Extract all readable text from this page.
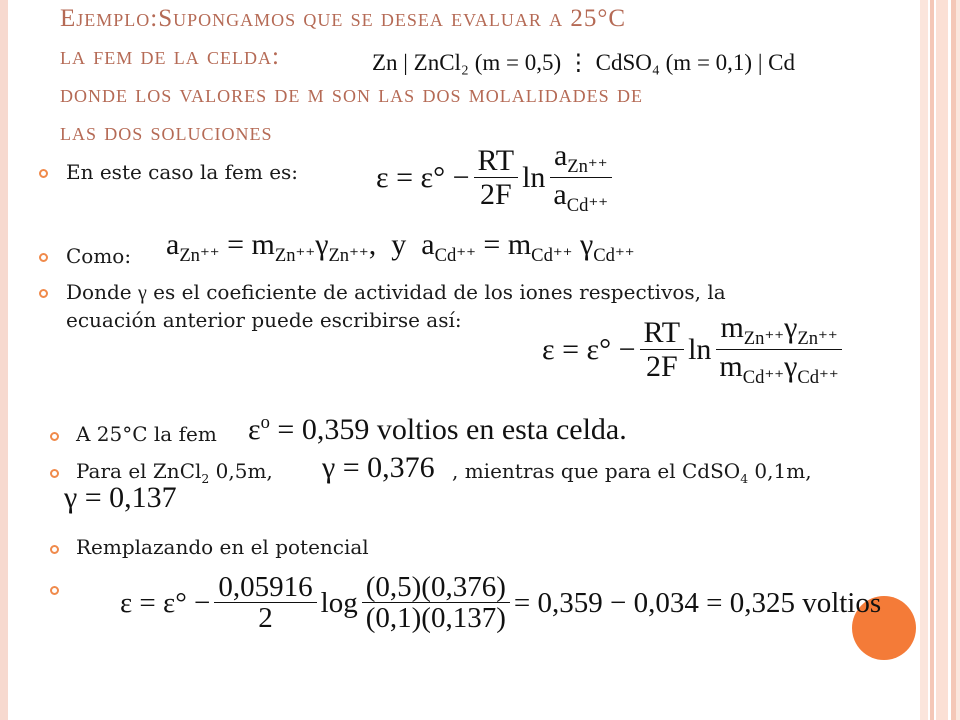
Ejemplo:Supongamos que se desea evaluar a 25°C
la fem de la celda:
donde los valores de m son las dos molalidades de
las dos soluciones
Zn | ZnCl₂ (m = 0,5) ⋮ CdSO₄ (m = 0,1) | Cd
En este caso la fem es:	$\varepsilon = \varepsilon^\circ - \frac{RT}{2F}$ $\ln \frac{a_{Zn^{++}}}{a_{Cd^{++}}}$
Como: $a_{Zn^{++}} = m_{Zn^{++}}\gamma_{Zn^{++}}$, y $a_{Cd^{++}} = m_{Cd^{++}}$ $\gamma_{Cd^{++}}$
Donde γ es el coeficiente de actividad de los iones respectivos, la
ecuación anterior puede escribirse así:
$\varepsilon = \varepsilon^\circ - \frac{RT}{2F}$ $\ln \frac{m_{Zn^{++}}\gamma_{Zn^{++}}}{m_{Cd^{++}}\gamma_{Cd^{++}}}$
A 25°C la fem $\varepsilon^o = 0,359$ voltios en esta celda.
Para el ZnCl$_2$ 0,5m, γ = 0,376 , mientras que para el CdSO$_4$ 0,1m,
γ = 0,137
Remplazando en el potencial
$\varepsilon = \varepsilon^\circ - \frac{0,05916}{2}$ $\log \frac{(0,5)(0,376)}{(0,1)(0,137)} = 0,359 - 0,034 = 0,325$ voltios
